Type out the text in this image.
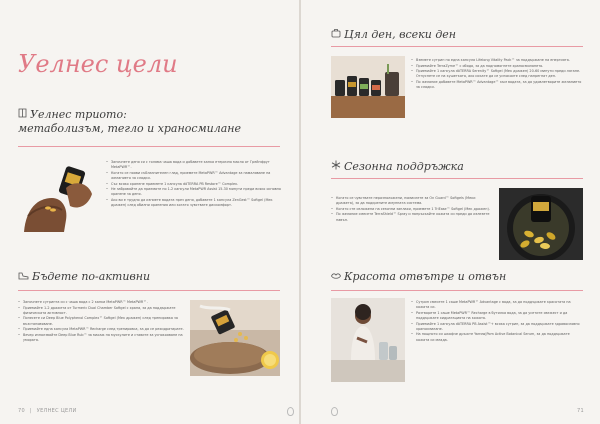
Уелнес цели
Уелнес триото:
метаболизъм, тегло и храносмилане
• Започнете деня си с голяма чаша вода и добавете капка етерично масло от Грейпфрут MetaPWR™.
• Когато се появи съблазнителен глад, приемете MetaPWR™ Advantage за намаляване на желанието за сладки.
• Със всяко хранене приемете 1 капсула dōTERRA PB Restore™ Complex.
• Не забравяйте да приемате по 1-2 капсули MetaPWR Assist 15-30 минути преди всяко основно хранене за деня.
• Ако ви е трудно да изпиете водата през деня, добавете 1 капсула ZenGest™ Softgel (Мек дражен) след обилни хранения или когато чувствате дискомфорт.
Бъдете по-активни
• Започнете сутринта си с чаша вода с 2 капки MetaPWR™ MetaPWR™.
• Приемайте 1-2 дражета от Turmeric Dual Chamber Softgel с храна, за да поддържате физическата активност.
• Понесете си Deep Blue Polyphenol Complex™ Softgel (Мек дражен) след тренировка за възстановяване.
• Приемайте една капсула MetaPWR™ Recharge след тренировка, за да се рехидратирате.
• Вечер използвайте Deep Blue Rub™ за масаж на мускулите и ставите за успокояване на умората.
70 | УЕЛНЕС ЦЕЛИ
Цял ден, всеки ден
• Вземете сутрин по една капсула Lifelong Vitality Pack™ за поддържане на енергията.
• Приемайте TerraZyme™ с обяда, за да подпомогнете храносмилането.
• Приемайте 1 капсула dōTERRA Serenity™ Softgel (Мек дражен) 20-60 минути преди лягане. Отпуснете се на кушетката, ако искате да се успокоите след напрегнат ден.
• По желание добавете MetaPWR™ Advantage™ към водата, за да удовлетворите желанието за сладки.
Сезонна поддръжка
• Когато се чувствате неразположени, помислете за On Guard™ Softgels (Меки дражета), за да подкрепите имунната система.
• Когато сте изложени на сезонни заплахи, приемете 1 TriEase™ Softgel (Мек дражен).
• По желание смесете TerraShield™ Spray и напръскайте кожата си преди да излезете навън.
Красота отвътре и отвън
• Сутрин смесете 1 саше MetaPWR™ Advantage с вода, за да поддържате красотата на кожата си.
• Разтворете 1 саше MetaPWR™ Recharge в бутилка вода, за да усетите свежест и да поддържате хидратацията на кожата.
• Приемайте 1 капсула dōTERRA PB Assist™+ всяка сутрин, за да поддържате здравословно храносмилане.
• На нощното си шкафче дръжте Yarrow|Pom Active Botanical Serum, за да поддържате кожата си млада.
71
